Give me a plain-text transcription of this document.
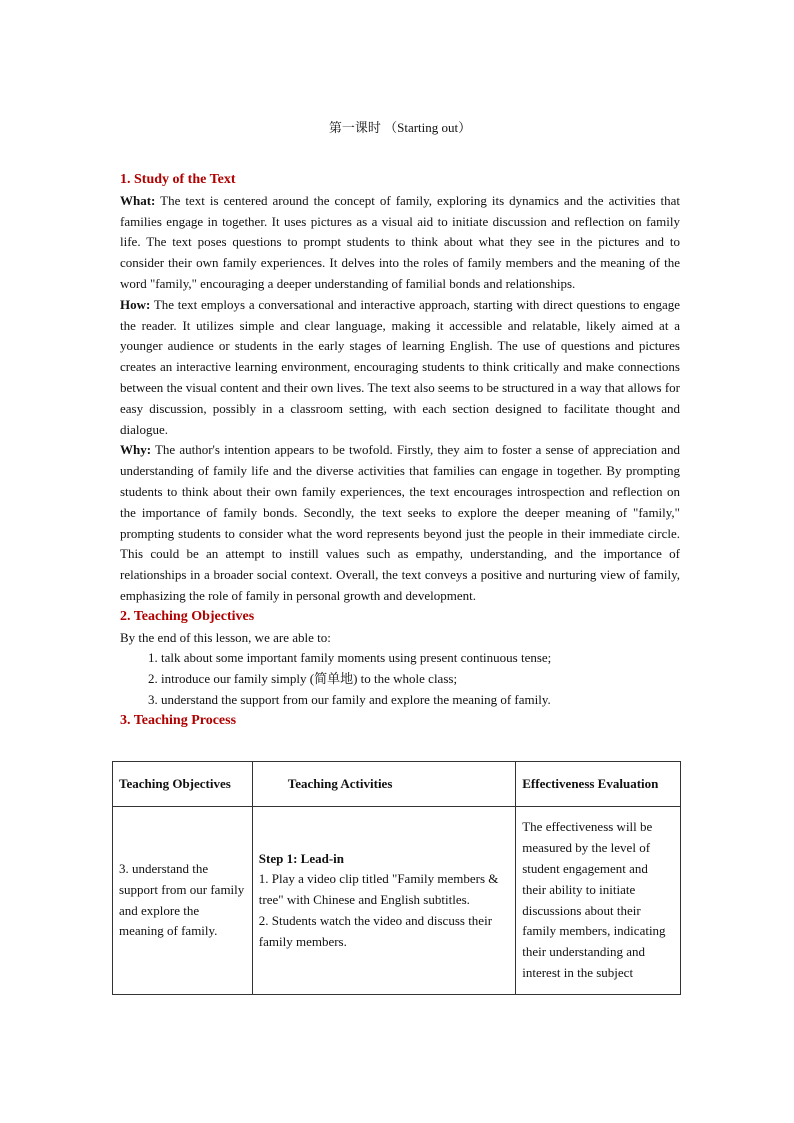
第一课时 （Starting out）
1. Study of the Text

What: The text is centered around the concept of family, exploring its dynamics and the activities that families engage in together. It uses pictures as a visual aid to initiate discussion and reflection on family life. The text poses questions to prompt students to think about what they see in the pictures and to consider their own family experiences. It delves into the roles of family members and the meaning of the word "family," encouraging a deeper understanding of familial bonds and relationships.

How: The text employs a conversational and interactive approach, starting with direct questions to engage the reader. It utilizes simple and clear language, making it accessible and relatable, likely aimed at a younger audience or students in the early stages of learning English. The use of questions and pictures creates an interactive learning environment, encouraging students to think critically and make connections between the visual content and their own lives. The text also seems to be structured in a way that allows for easy discussion, possibly in a classroom setting, with each section designed to facilitate thought and dialogue.

Why: The author's intention appears to be twofold. Firstly, they aim to foster a sense of appreciation and understanding of family life and the diverse activities that families can engage in together. By prompting students to think about their own family experiences, the text encourages introspection and reflection on the importance of family bonds. Secondly, the text seeks to explore the deeper meaning of "family," prompting students to consider what the word represents beyond just the people in their immediate circle. This could be an attempt to instill values such as empathy, understanding, and the importance of relationships in a broader social context. Overall, the text conveys a positive and nurturing view of family, emphasizing the role of family in personal growth and development.

2. Teaching Objectives

By the end of this lesson, we are able to:

1. talk about some important family moments using present continuous tense;
2. introduce our family simply (简单地) to the whole class;
3. understand the support from our family and explore the meaning of family.
3. Teaching Process
Teaching Objectives	Teaching Activities	Effectiveness Evaluation
3. understand the support from our family and explore the meaning of family.	Step 1: Lead-in
1. Play a video clip titled "Family members & tree" with Chinese and English subtitles.
2. Students watch the video and discuss their family members.	The effectiveness will be measured by the level of student engagement and their ability to initiate discussions about their family members, indicating their understanding and interest in the subject
